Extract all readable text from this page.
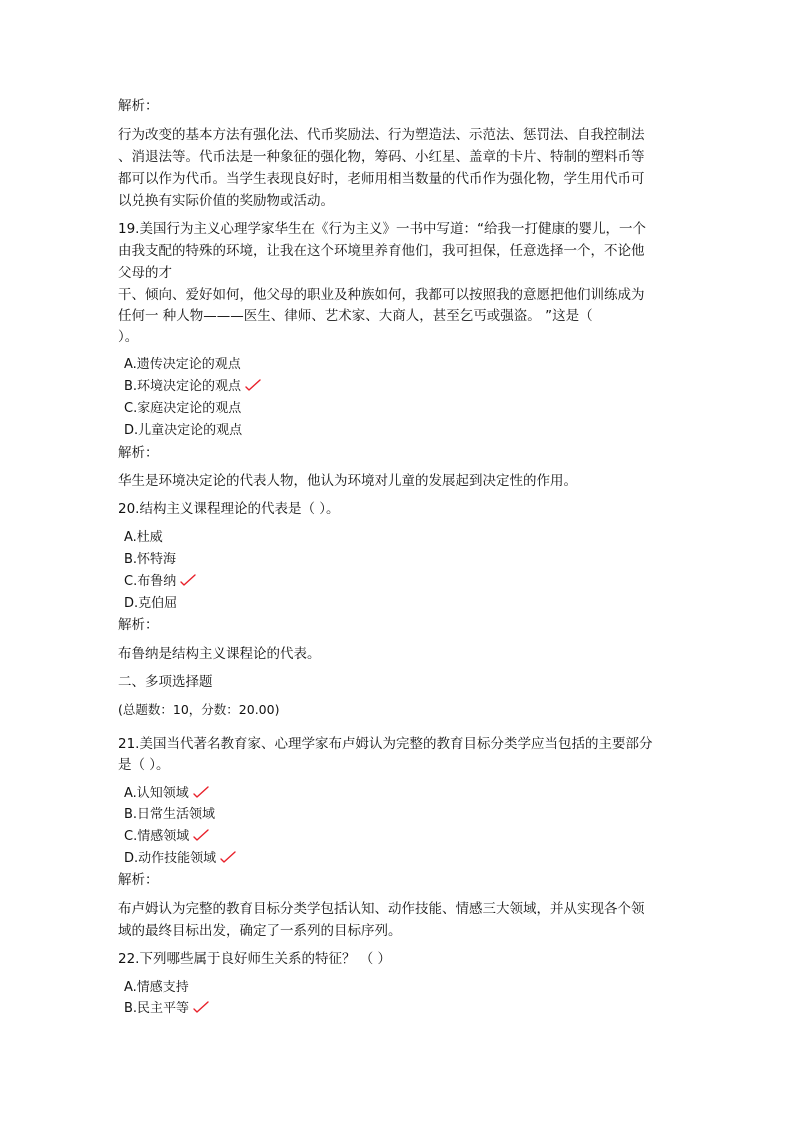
解析：
行为改变的基本方法有强化法、代币奖励法、行为塑造法、示范法、惩罚法、自我控制法
、消退法等。代币法是一种象征的强化物，筹码、小红星、盖章的卡片、特制的塑料币等
都可以作为代币。当学生表现良好时，老师用相当数量的代币作为强化物，学生用代币可
以兑换有实际价值的奖励物或活动。
19.美国行为主义心理学家华生在《行为主义》一书中写道：“给我一打健康的婴儿，一个
由我支配的特殊的环境，让我在这个环境里养育他们，我可担保，任意选择一个，不论他
父母的才
干、倾向、爱好如何，他父母的职业及种族如何，我都可以按照我的意愿把他们训练成为
任何一 种人物———医生、律师、艺术家、大商人，甚至乞丐或强盗。 ”这是（
）。
A.遗传决定论的观点
B.环境决定论的观点
C.家庭决定论的观点
D.儿童决定论的观点
解析：
华生是环境决定论的代表人物，他认为环境对儿童的发展起到决定性的作用。
20.结构主义课程理论的代表是（ ）。
A.杜威
B.怀特海
C.布鲁纳
D.克伯屈
解析：
布鲁纳是结构主义课程论的代表。
二、多项选择题
(总题数：10，分数：20.00)
21.美国当代著名教育家、心理学家布卢姆认为完整的教育目标分类学应当包括的主要部分
是（ ）。
A.认知领域
B.日常生活领域
C.情感领域
D.动作技能领域
解析：
布卢姆认为完整的教育目标分类学包括认知、动作技能、情感三大领域，并从实现各个领
域的最终目标出发，确定了一系列的目标序列。
22.下列哪些属于良好师生关系的特征？ （ ）
A.情感支持
B.民主平等
